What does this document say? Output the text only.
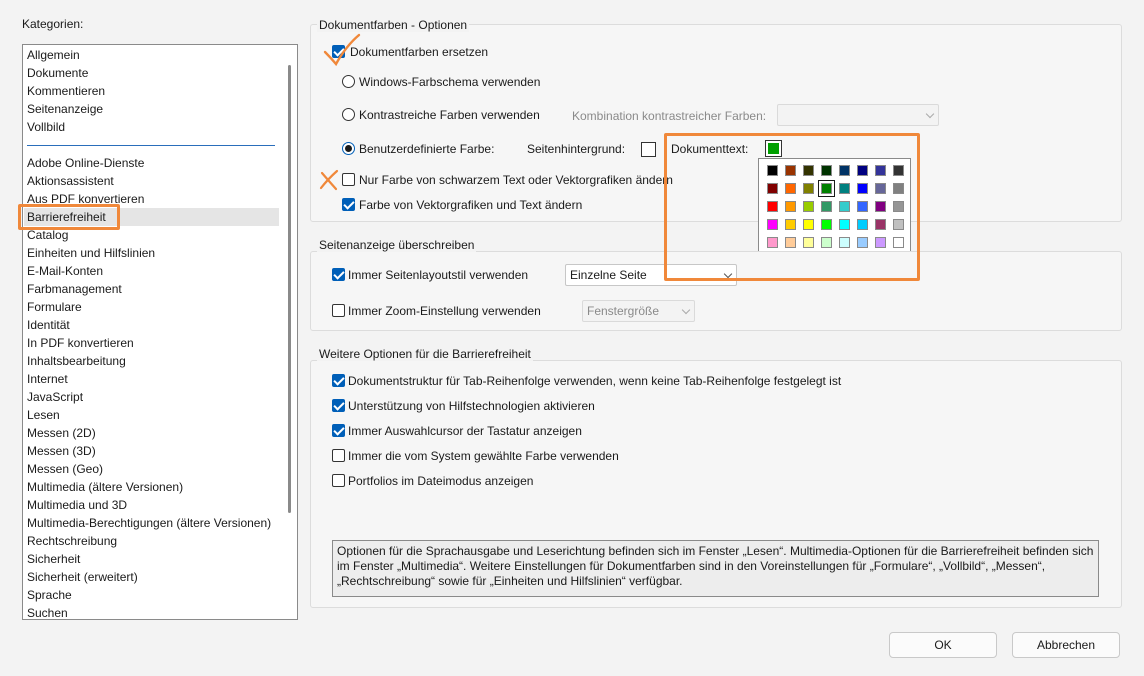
Kategorien:
Allgemein
Dokumente
Kommentieren
Seitenanzeige
Vollbild
Adobe Online-Dienste
Aktionsassistent
Aus PDF konvertieren
Barrierefreiheit
Catalog
Einheiten und Hilfslinien
E-Mail-Konten
Farbmanagement
Formulare
Identität
In PDF konvertieren
Inhaltsbearbeitung
Internet
JavaScript
Lesen
Messen (2D)
Messen (3D)
Messen (Geo)
Multimedia (ältere Versionen)
Multimedia und 3D
Multimedia-Berechtigungen (ältere Versionen)
Rechtschreibung
Sicherheit
Sicherheit (erweitert)
Sprache
Suchen
Dokumentfarben - Optionen
Dokumentfarben ersetzen
Windows-Farbschema verwenden
Kontrastreiche Farben verwenden	Kombination kontrastreicher Farben:
Benutzerdefinierte Farbe:	Seitenhintergrund:	Dokumenttext:
Nur Farbe von schwarzem Text oder Vektorgrafiken ändern
Farbe von Vektorgrafiken und Text ändern
Seitenanzeige überschreiben
Immer Seitenlayoutstil verwenden	Einzelne Seite
Immer Zoom-Einstellung verwenden	Fenstergröße
Weitere Optionen für die Barrierefreiheit
Dokumentstruktur für Tab-Reihenfolge verwenden, wenn keine Tab-Reihenfolge festgelegt ist
Unterstützung von Hilfstechnologien aktivieren
Immer Auswahlcursor der Tastatur anzeigen
Immer die vom System gewählte Farbe verwenden
Portfolios im Dateimodus anzeigen
Optionen für die Sprachausgabe und Leserichtung befinden sich im Fenster „Lesen“. Multimedia-Optionen für die Barrierefreiheit befinden sich
im Fenster „Multimedia“. Weitere Einstellungen für Dokumentfarben sind in den Voreinstellungen für „Formulare“, „Vollbild“, „Messen“,
„Rechtschreibung“ sowie für „Einheiten und Hilfslinien“ verfügbar.
OK	Abbrechen
